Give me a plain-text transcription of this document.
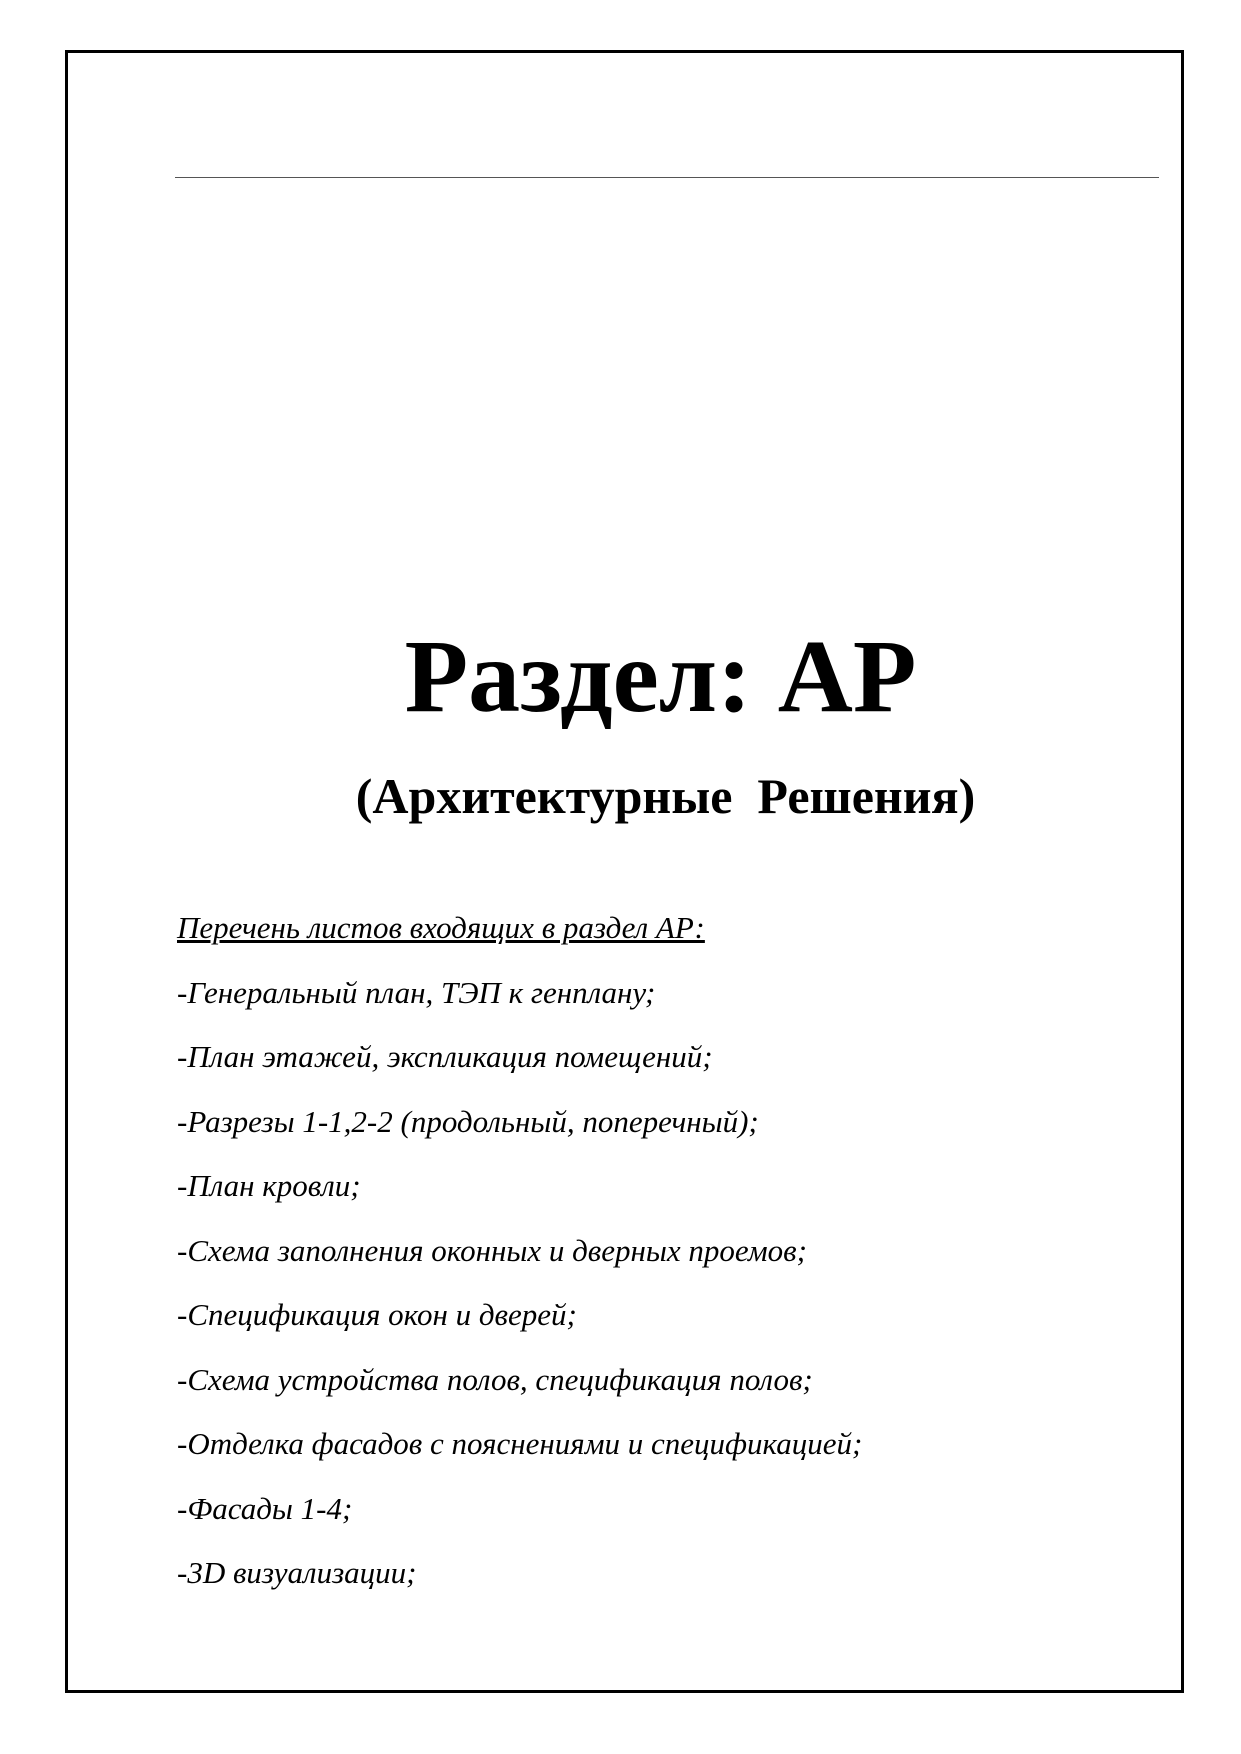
Раздел: АР
(Архитектурные  Решения)
Перечень листов входящих в раздел АР:
-Генеральный план, ТЭП к генплану;
-План этажей, экспликация помещений;
-Разрезы 1-1,2-2 (продольный, поперечный);
-План кровли;
-Схема заполнения оконных и дверных проемов;
-Спецификация окон и дверей;
-Схема устройства полов, спецификация полов;
-Отделка фасадов с пояснениями и спецификацией;
-Фасады 1-4;
-3D визуализации;
